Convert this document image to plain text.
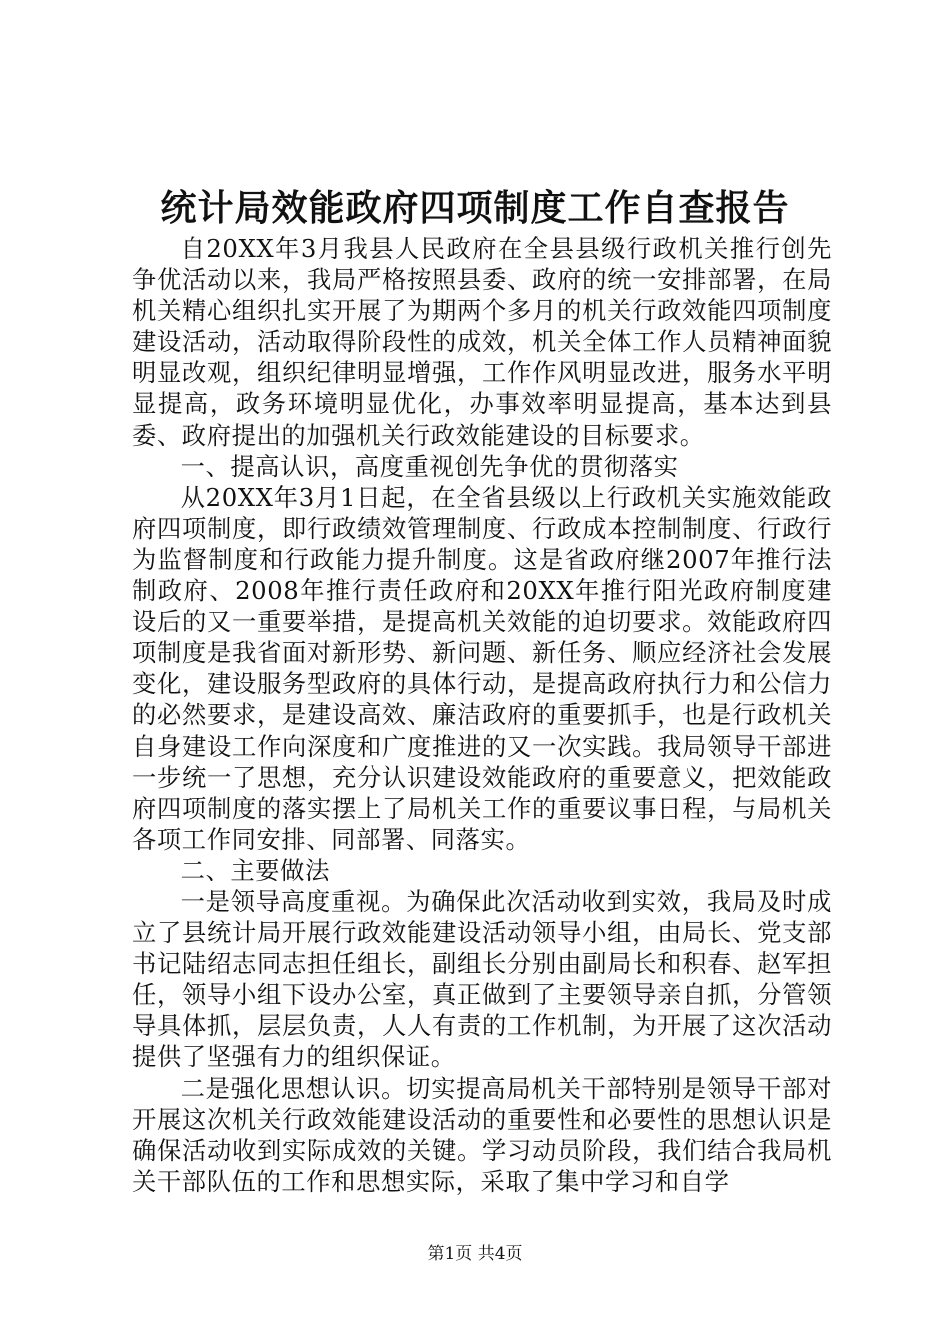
统计局效能政府四项制度工作自查报告

自20XX年3月我县人民政府在全县县级行政机关推行创先争优活动以来，我局严格按照县委、政府的统一安排部署，在局机关精心组织扎实开展了为期两个多月的机关行政效能四项制度建设活动，活动取得阶段性的成效，机关全体工作人员精神面貌明显改观，组织纪律明显增强，工作作风明显改进，服务水平明显提高，政务环境明显优化，办事效率明显提高，基本达到县委、政府提出的加强机关行政效能建设的目标要求。

一、提高认识，高度重视创先争优的贯彻落实

从20XX年3月1日起，在全省县级以上行政机关实施效能政府四项制度，即行政绩效管理制度、行政成本控制制度、行政行为监督制度和行政能力提升制度。这是省政府继2007年推行法制政府、2008年推行责任政府和20XX年推行阳光政府制度建设后的又一重要举措，是提高机关效能的迫切要求。效能政府四项制度是我省面对新形势、新问题、新任务、顺应经济社会发展变化，建设服务型政府的具体行动，是提高政府执行力和公信力的必然要求，是建设高效、廉洁政府的重要抓手，也是行政机关自身建设工作向深度和广度推进的又一次实践。我局领导干部进一步统一了思想，充分认识建设效能政府的重要意义，把效能政府四项制度的落实摆上了局机关工作的重要议事日程，与局机关各项工作同安排、同部署、同落实。

二、主要做法

一是领导高度重视。为确保此次活动收到实效，我局及时成立了县统计局开展行政效能建设活动领导小组，由局长、党支部书记陆绍志同志担任组长，副组长分别由副局长和积春、赵军担任，领导小组下设办公室，真正做到了主要领导亲自抓，分管领导具体抓，层层负责，人人有责的工作机制，为开展了这次活动提供了坚强有力的组织保证。

二是强化思想认识。切实提高局机关干部特别是领导干部对开展这次机关行政效能建设活动的重要性和必要性的思想认识是确保活动收到实际成效的关键。学习动员阶段，我们结合我局机关干部队伍的工作和思想实际，采取了集中学习和自学

第1页 共4页
